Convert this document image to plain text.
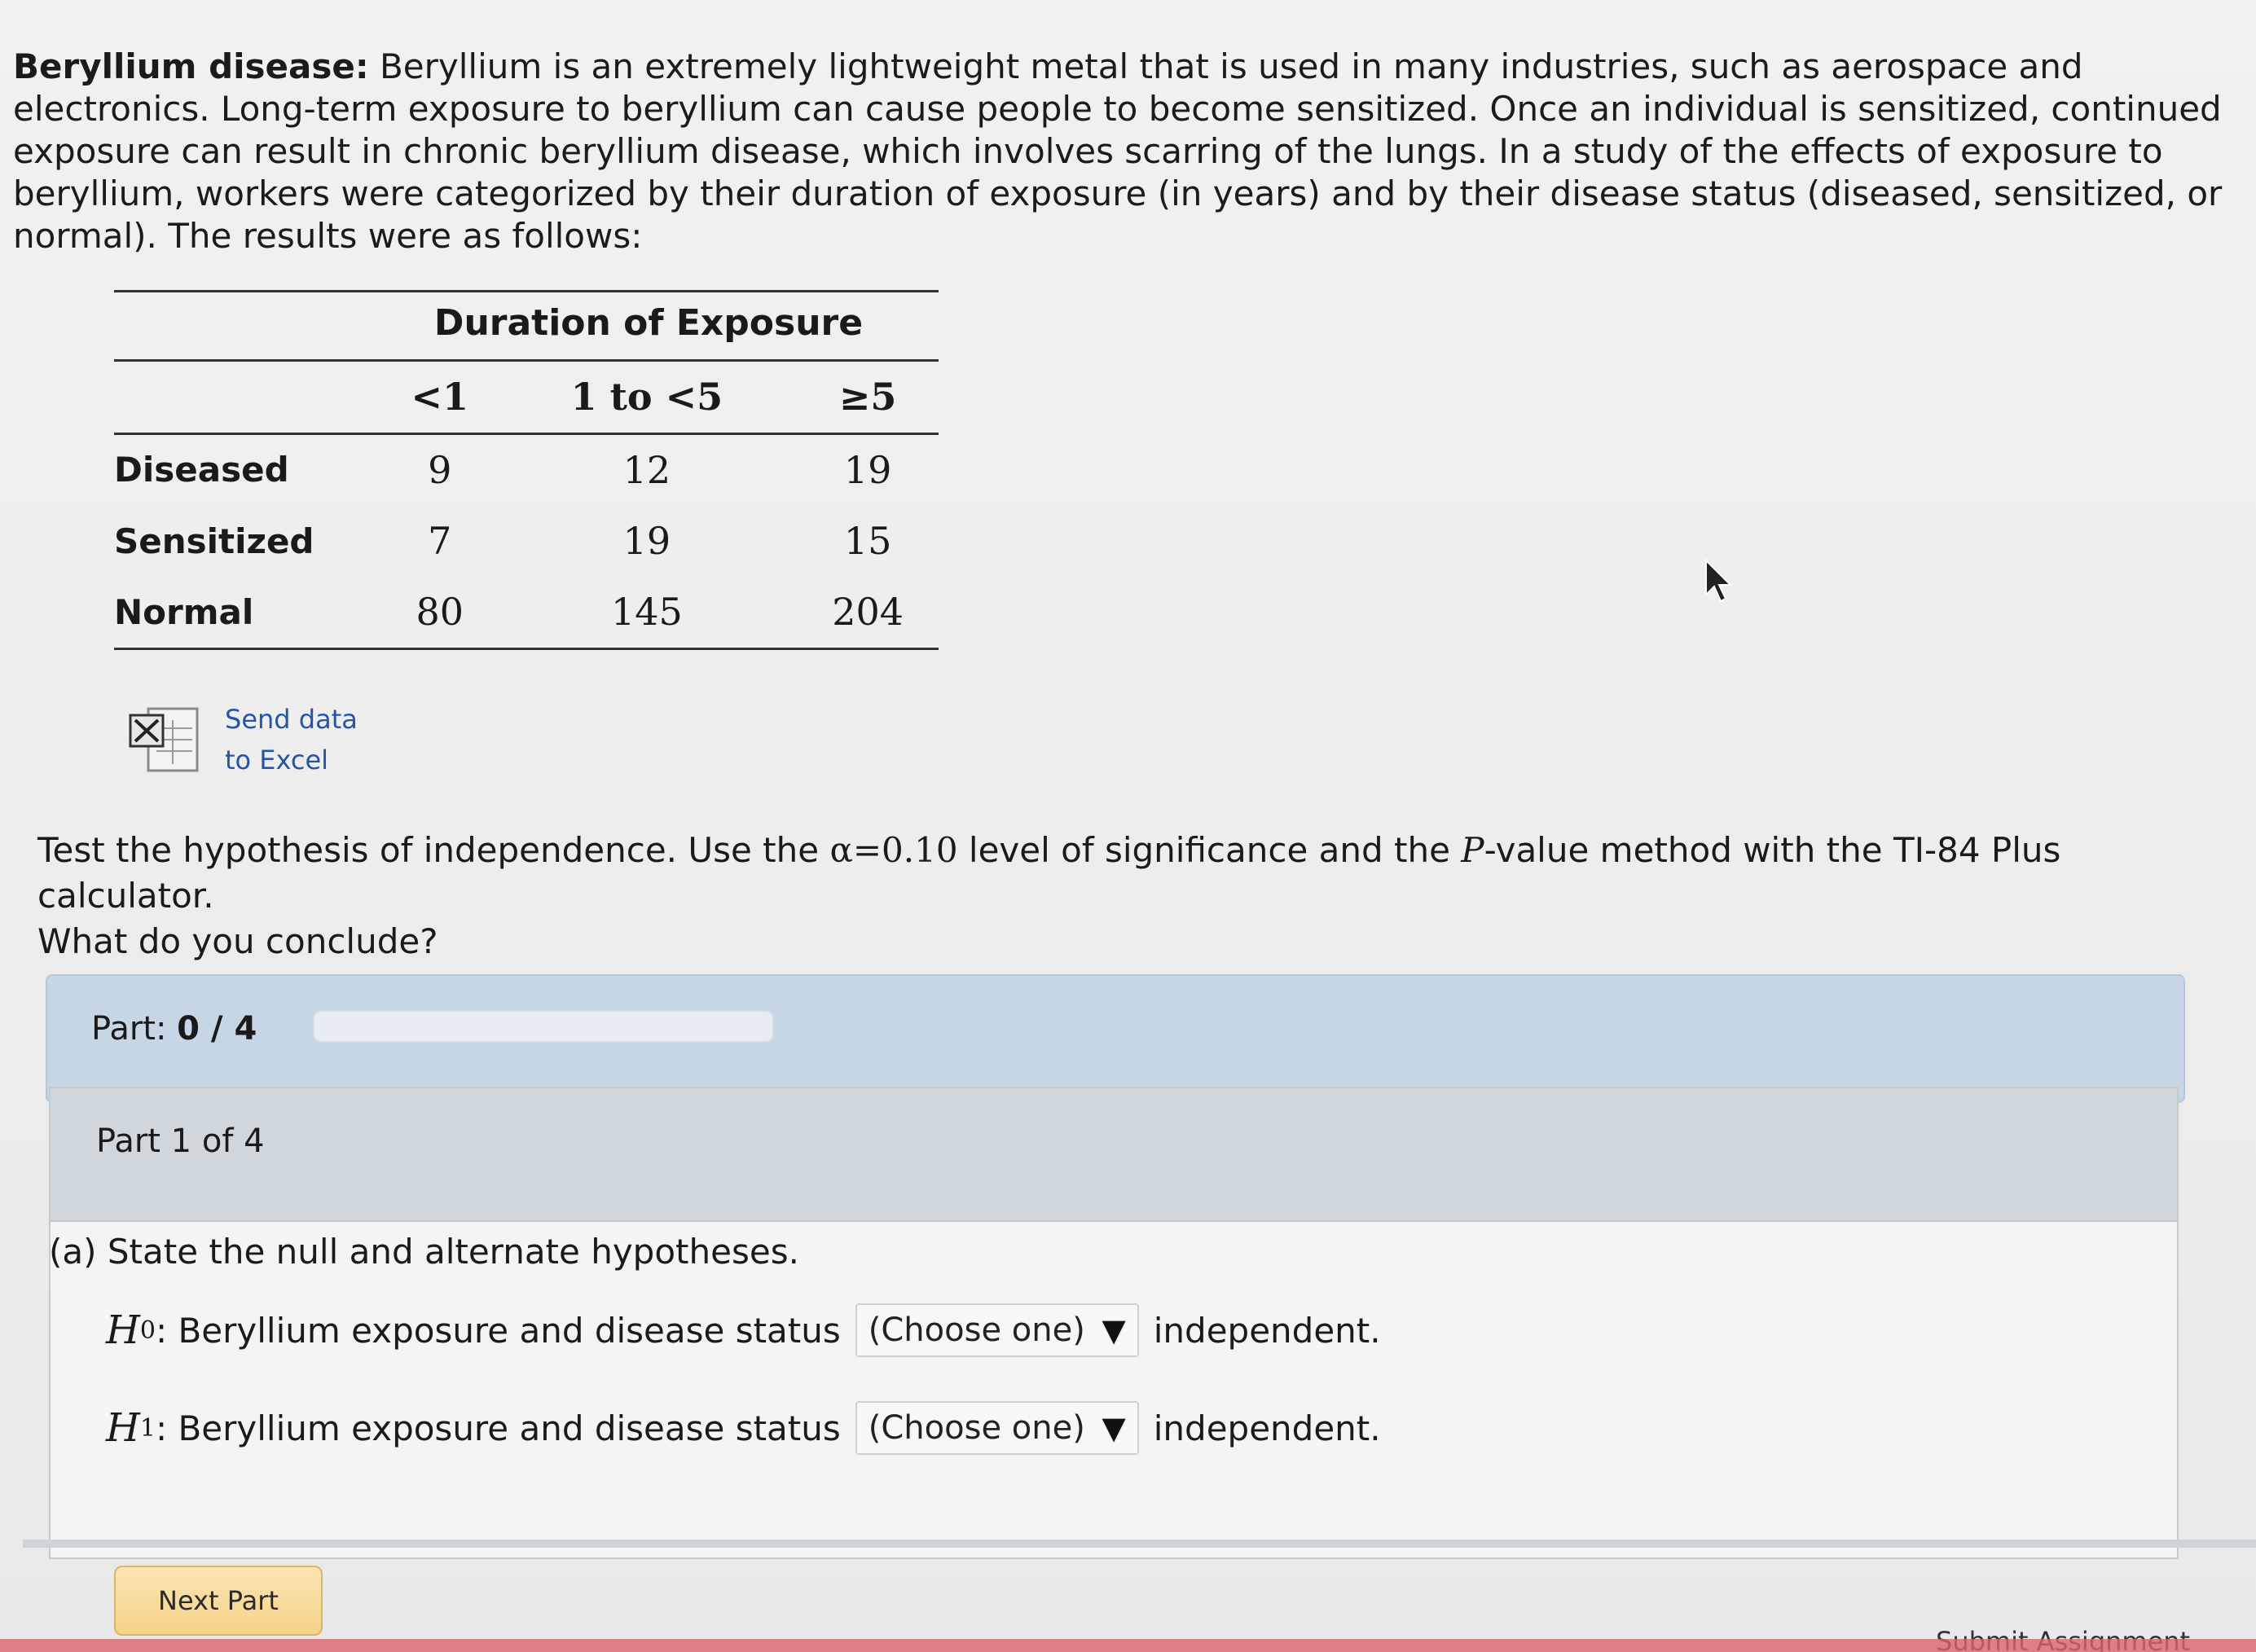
Beryllium disease: Beryllium is an extremely lightweight metal that is used in many industries, such as aerospace and electronics. Long-term exposure to beryllium can cause people to become sensitized. Once an individual is sensitized, continued exposure can result in chronic beryllium disease, which involves scarring of the lungs. In a study of the effects of exposure to beryllium, workers were categorized by their duration of exposure (in years) and by their disease status (diseased, sensitized, or normal). The results were as follows:
Duration of Exposure			
	<1	1 to <5	≥5
Diseased	9	12	19
Sensitized	7	19	15
Normal	80	145	204
Send data
to Excel
Test the hypothesis of independence. Use the α=0.10 level of significance and the P-value method with the TI-84 Plus calculator.
What do you conclude?
Part: 0 / 4
Part 1 of 4
(a) State the null and alternate hypotheses.
H 0 : Beryllium exposure and disease status (Choose one) ▼ independent.
H 1 : Beryllium exposure and disease status (Choose one) ▼ independent.
Next Part
